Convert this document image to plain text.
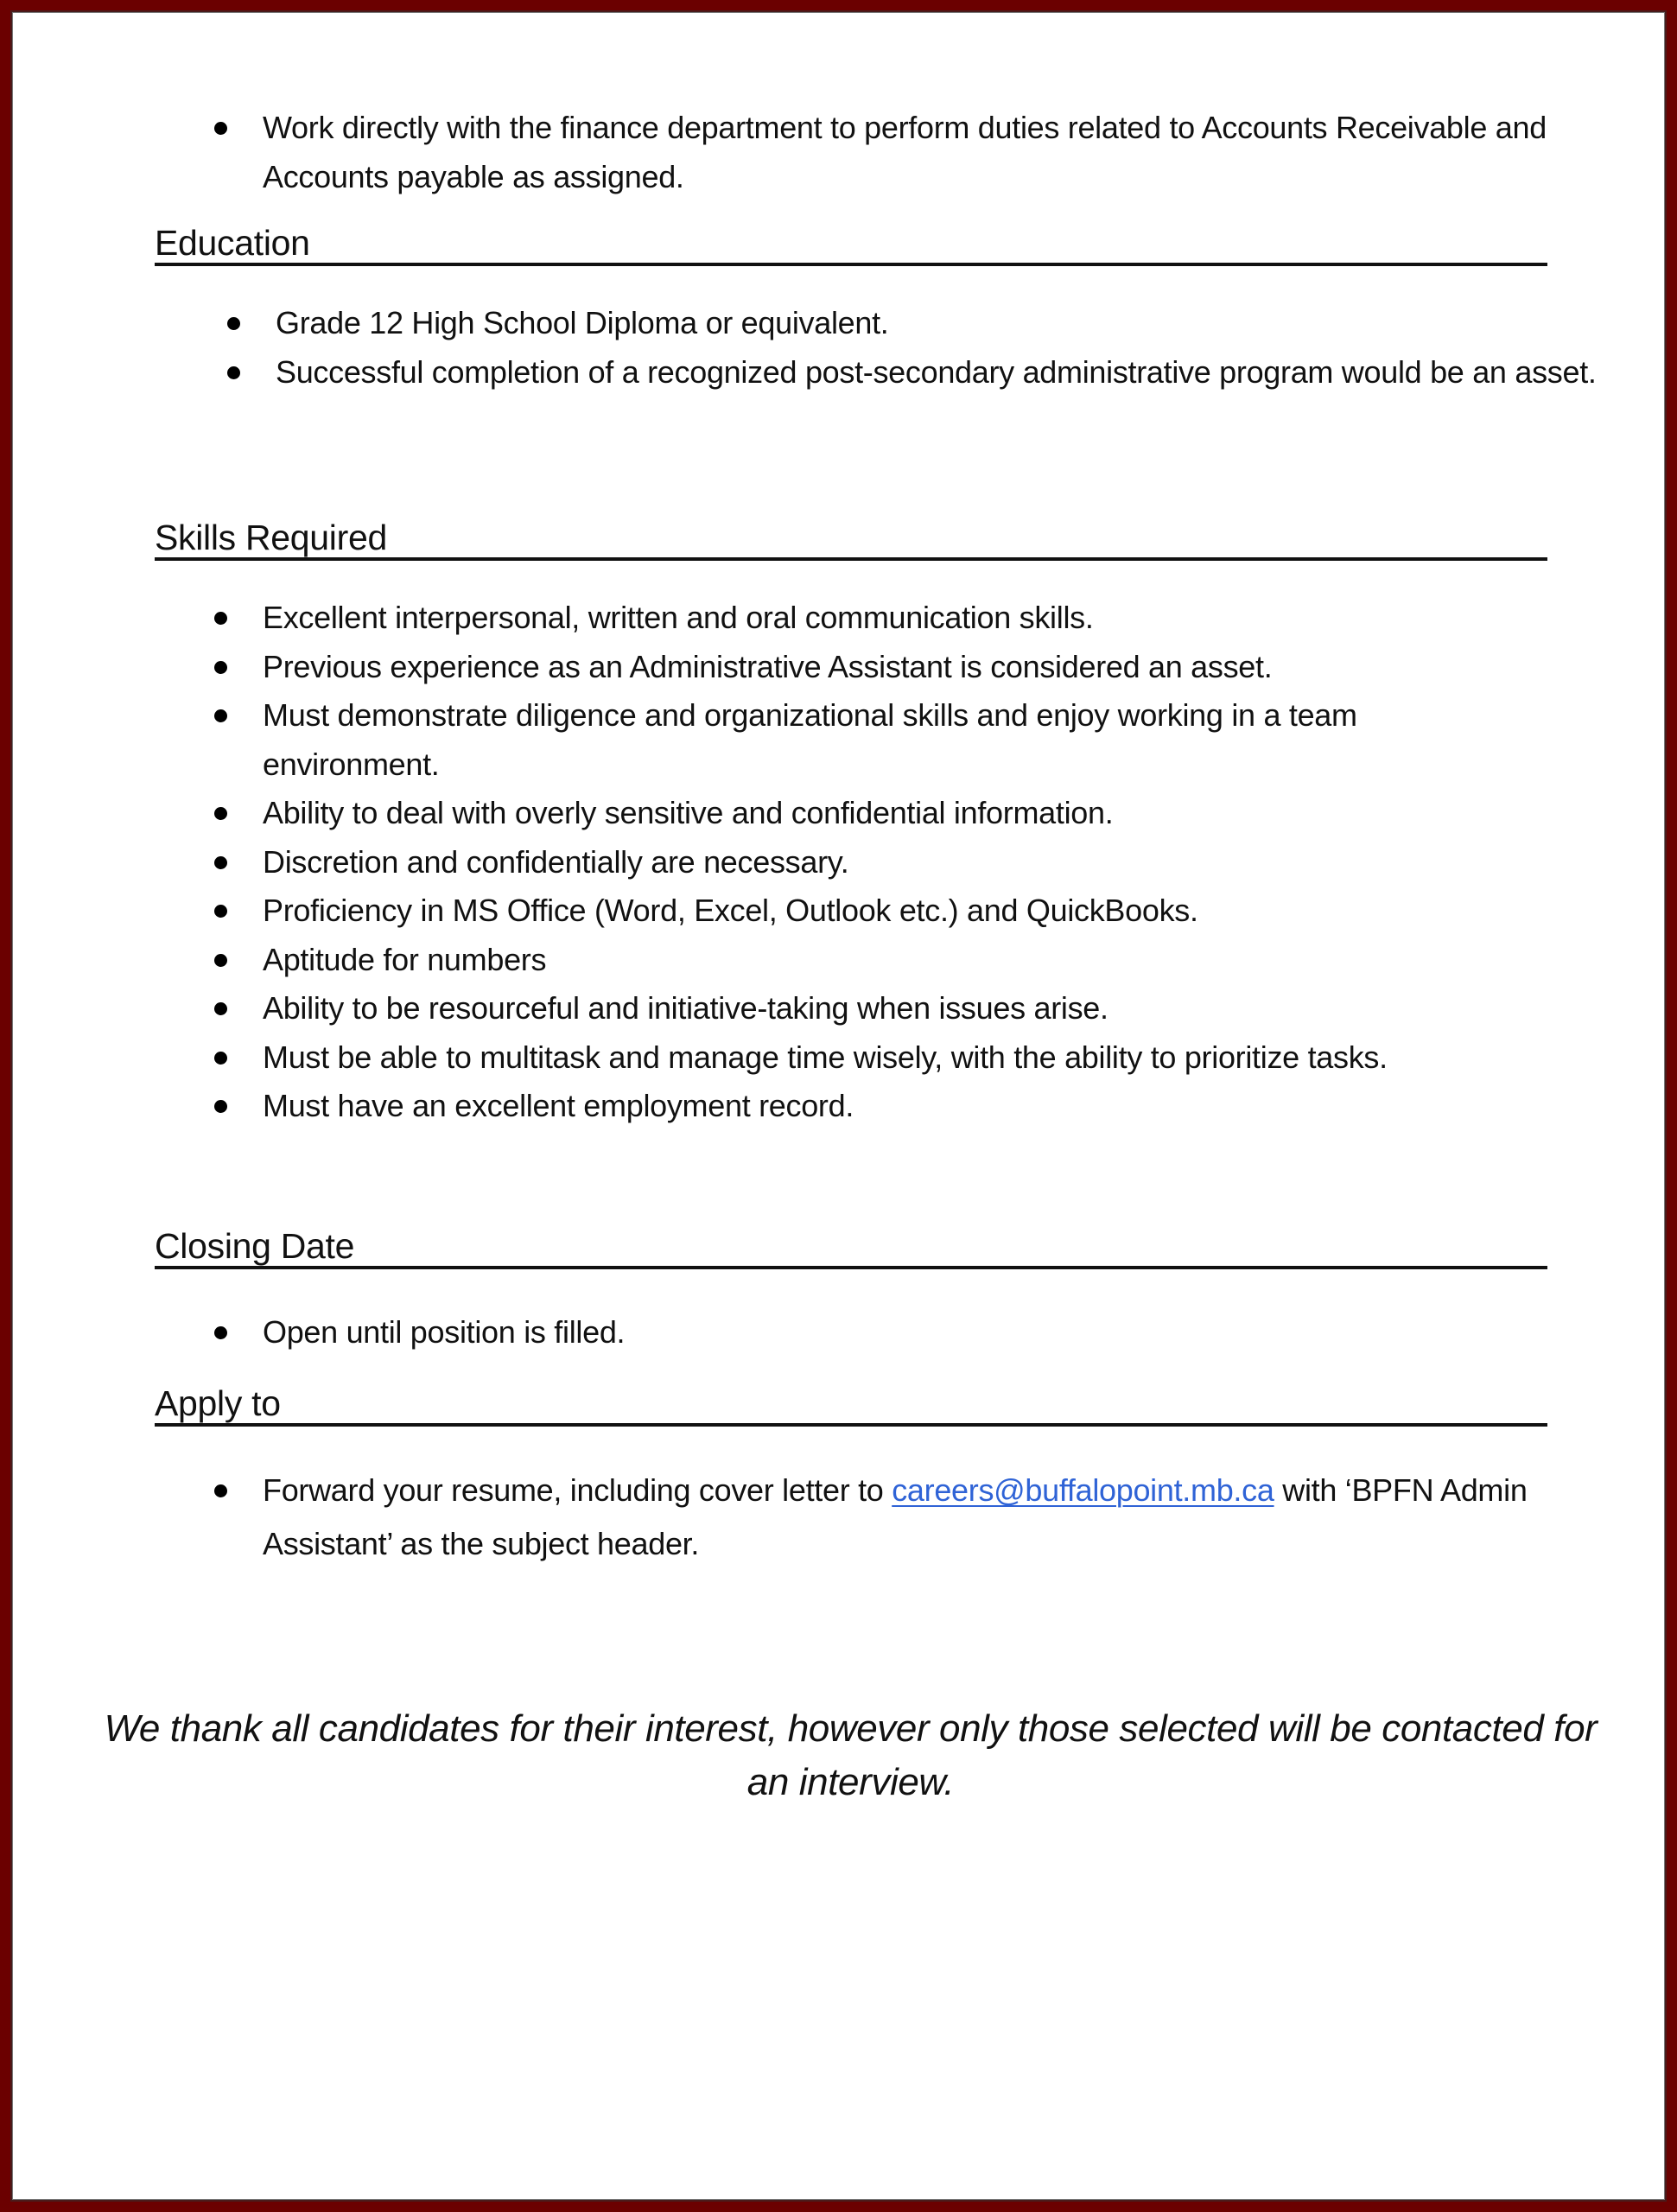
Work directly with the finance department to perform duties related to Accounts Receivable and Accounts payable as assigned.
Education
Grade 12 High School Diploma or equivalent.
Successful completion of a recognized post-secondary administrative program would be an asset.
Skills Required
Excellent interpersonal, written and oral communication skills.
Previous experience as an Administrative Assistant is considered an asset.
Must demonstrate diligence and organizational skills and enjoy working in a team environment.
Ability to deal with overly sensitive and confidential information.
Discretion and confidentially are necessary.
Proficiency in MS Office (Word, Excel, Outlook etc.) and QuickBooks.
Aptitude for numbers
Ability to be resourceful and initiative-taking when issues arise.
Must be able to multitask and manage time wisely, with the ability to prioritize tasks.
Must have an excellent employment record.
Closing Date
Open until position is filled.
Apply to
Forward your resume, including cover letter to careers@buffalopoint.mb.ca with ‘BPFN Admin Assistant’ as the subject header.
We thank all candidates for their interest, however only those selected will be contacted for an interview.
